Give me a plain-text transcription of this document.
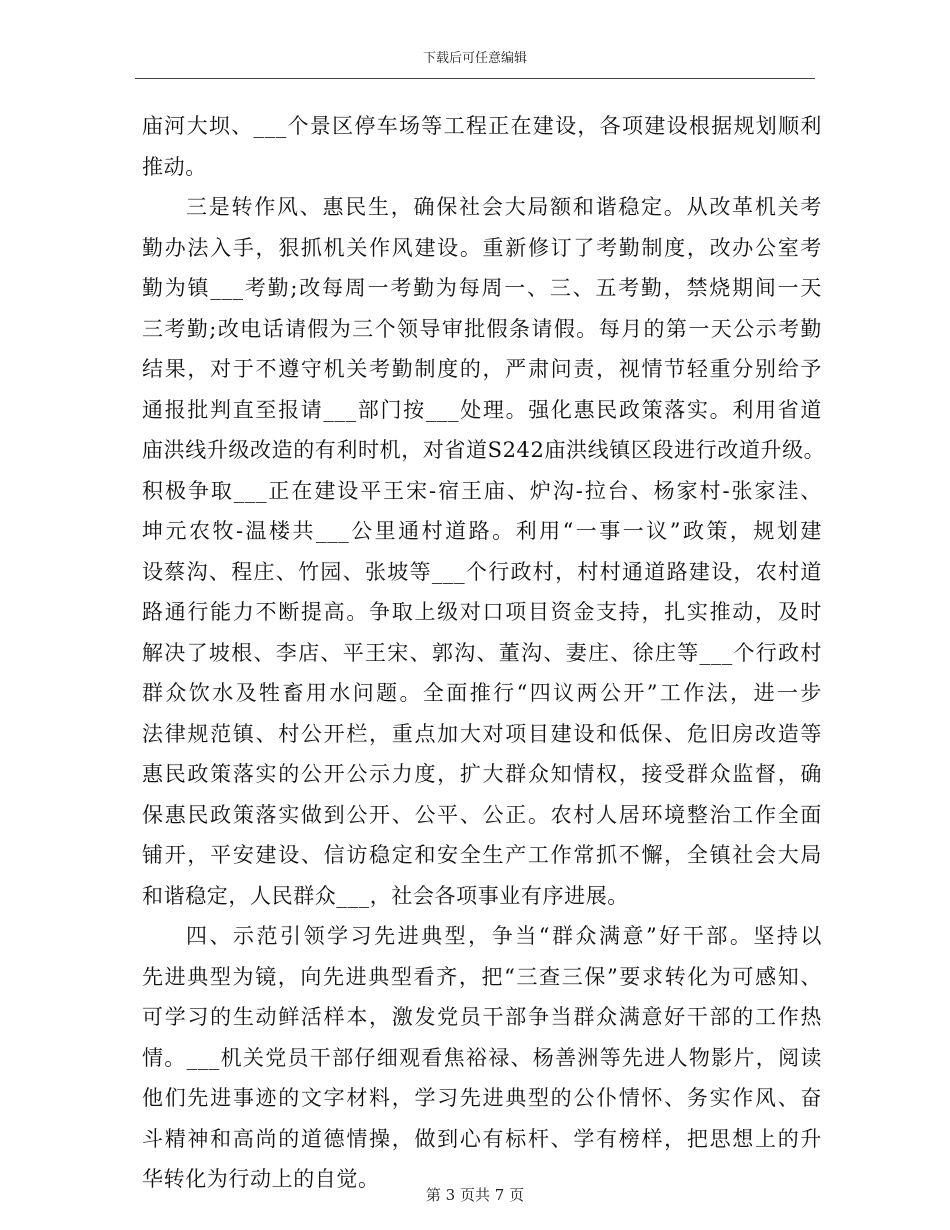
下载后可任意编辑
庙河大坝、___个景区停车场等工程正在建设，各项建设根据规划顺利
推动。
三是转作风、惠民生，确保社会大局额和谐稳定。从改革机关考
勤办法入手，狠抓机关作风建设。重新修订了考勤制度，改办公室考
勤为镇___考勤;改每周一考勤为每周一、三、五考勤，禁烧期间一天
三考勤;改电话请假为三个领导审批假条请假。每月的第一天公示考勤
结果，对于不遵守机关考勤制度的，严肃问责，视情节轻重分别给予
通报批判直至报请___部门按___处理。强化惠民政策落实。利用省道
庙洪线升级改造的有利时机，对省道S242庙洪线镇区段进行改道升级。
积极争取___正在建设平王宋-宿王庙、炉沟-拉台、杨家村-张家洼、
坤元农牧-温楼共___公里通村道路。利用“一事一议”政策，规划建
设蔡沟、程庄、竹园、张坡等___个行政村，村村通道路建设，农村道
路通行能力不断提高。争取上级对口项目资金支持，扎实推动，及时
解决了坡根、李店、平王宋、郭沟、董沟、妻庄、徐庄等___个行政村
群众饮水及牲畜用水问题。全面推行“四议两公开”工作法，进一步
法律规范镇、村公开栏，重点加大对项目建设和低保、危旧房改造等
惠民政策落实的公开公示力度，扩大群众知情权，接受群众监督，确
保惠民政策落实做到公开、公平、公正。农村人居环境整治工作全面
铺开，平安建设、信访稳定和安全生产工作常抓不懈，全镇社会大局
和谐稳定，人民群众___，社会各项事业有序进展。
四、示范引领学习先进典型，争当“群众满意”好干部。坚持以
先进典型为镜，向先进典型看齐，把“三查三保”要求转化为可感知、
可学习的生动鲜活样本，激发党员干部争当群众满意好干部的工作热
情。___机关党员干部仔细观看焦裕禄、杨善洲等先进人物影片，阅读
他们先进事迹的文字材料，学习先进典型的公仆情怀、务实作风、奋
斗精神和高尚的道德情操，做到心有标杆、学有榜样，把思想上的升
华转化为行动上的自觉。
第 3 页共 7 页
